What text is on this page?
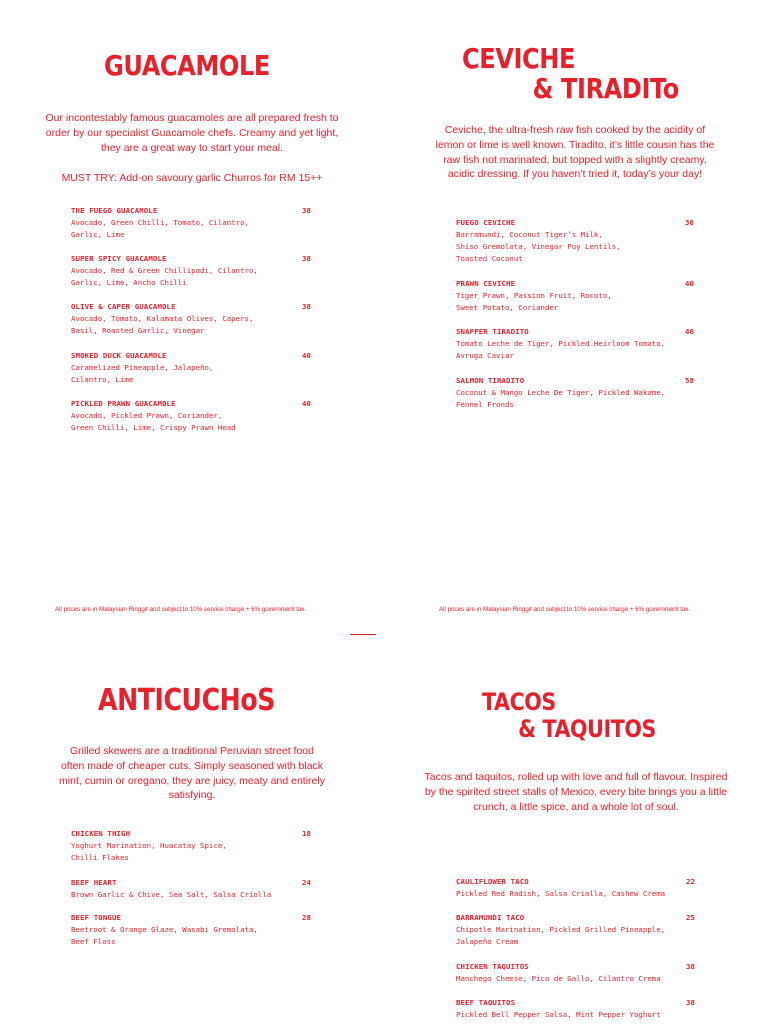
GUACAMOLE

Our incontestably famous guacamoles are all prepared fresh to order by our specialist Guacamole chefs. Creamy and yet light, they are a great way to start your meal.

MUST TRY: Add-on savoury garlic Churros for RM 15++

THE FUEGO GUACAMOLE
Avocado, Green Chilli, Tomato, Cilantro,
Garlic, Lime
38
SUPER SPICY GUACAMOLE
Avocado, Red & Green Chillipadi, Cilantro,
Garlic, Lime, Ancho Chilli
38
OLIVE & CAPER GUACAMOLE
Avocado, Tomato, Kalamata Olives, Capers,
Basil, Roasted Garlic, Vinegar
38
SMOKED DUCK GUACAMOLE
Caramelized Pineapple, Jalapeño,
Cilantro, Lime
40
PICKLED PRAWN GUACAMOLE
Avocado, Pickled Prawn, Coriander,
Green Chilli, Lime, Crispy Prawn Head
40

All prices are in Malaysian Ringgit and subject to 10% service charge + 6% government tax.

CEVICHE
& TIRADITo

Ceviche, the ultra-fresh raw fish cooked by the acidity of lemon or lime is well known. Tiradito, it’s little cousin has the raw fish not marinated, but topped with a slightly creamy, acidic dressing. If you haven’t tried it, today’s your day!

FUEGO CEVICHE
Barramundi, Coconut Tiger’s Milk,
Shiso Gremolata, Vinegar Puy Lentils,
Toasted Coconut
36
PRAWN CEVICHE
Tiger Prawn, Passion Fruit, Rocoto,
Sweet Potato, Coriander
40
SNAPPER TIRADITO
Tomato Leche de Tiger, Pickled Heirloom Tomato,
Avruga Caviar
46
SALMON TIRADITO
Coconut & Mango Leche De Tiger, Pickled Wakame,
Fennel Fronds
58

All prices are in Malaysian Ringgit and subject to 10% service charge + 6% government tax.

ANTICUCHoS

Grilled skewers are a traditional Peruvian street food often made of cheaper cuts. Simply seasoned with black mint, cumin or oregano, they are juicy, meaty and entirely satisfying.

CHICKEN THIGH
Yoghurt Marination, Huacatay Spice,
Chilli Flakes
18
BEEF HEART
Brown Garlic & Chive, Sea Salt, Salsa Criolla
24
BEEF TONGUE
Beetroot & Orange Glaze, Wasabi Gremolata,
Beef Floss
28
TACOS
& TAQUITOS

Tacos and taquitos, rolled up with love and full of flavour. Inspired by the spirited street stalls of Mexico, every bite brings you a little crunch, a little spice, and a whole lot of soul.

CAULIFLOWER TACO
Pickled Red Radish, Salsa Criolla, Cashew Crema
22
BARRAMUNDI TACO
Chipotle Marination, Pickled Grilled Pineapple,
Jalapeño Cream
25
CHICKEN TAQUITOS
Manchego Cheese, Pico de Gallo, Cilantro Crema
38
BEEF TAQUITOS
Pickled Bell Pepper Salsa, Mint Pepper Yoghurt
38
